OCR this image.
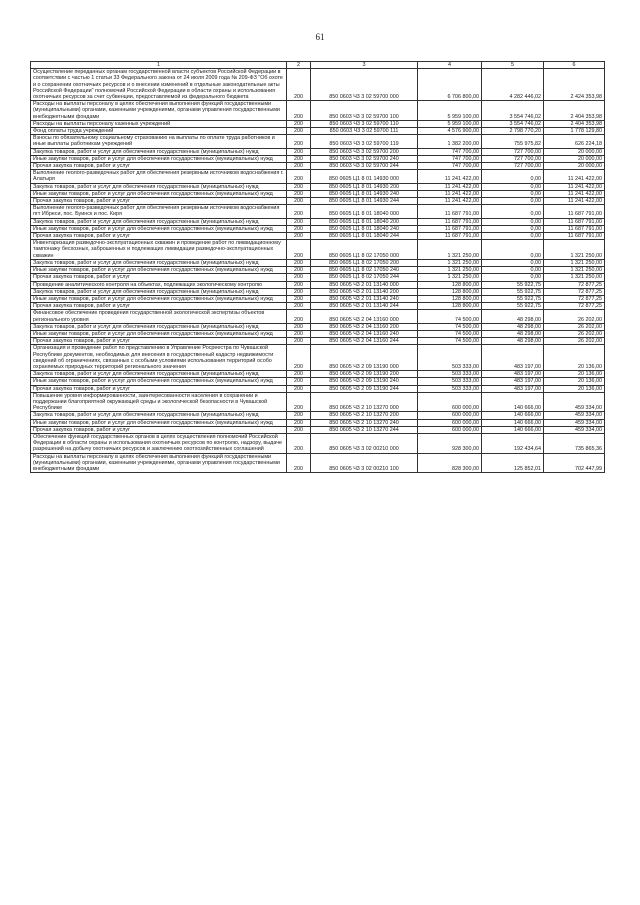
61
1	2	3	4	5	6
Осуществление переданных органам государственной власти субъектов Российской Федерации в соответствии с частью 1 статьи 33 Федерального закона от 24 июля 2009 года № 209-ФЗ "Об охоте и о сохранении охотничьих ресурсов и о внесении изменений в отдельные законодательные акты Российской Федерации" полномочий Российской Федерации в области охраны и использования охотничьих ресурсов за счет субвенции, предоставляемой из федерального бюджета	200	850 0603 Ч3 3 02 59700 000	6 706 800,00	4 282 446,02	2 424 353,98
Расходы на выплаты персоналу в целях обеспечения выполнения функций государственными (муниципальными) органами, казенными учреждениями, органами управления государственными внебюджетными фондами	200	850 0603 Ч3 3 02 59700 100	5 959 100,00	3 554 746,02	2 404 353,98
Расходы на выплаты персоналу казенных учреждений	200	850 0603 Ч3 3 02 59700 110	5 959 100,00	3 554 746,02	2 404 353,98
Фонд оплаты труда учреждений	200	850 0603 Ч3 3 02 59700 111	4 576 900,00	2 798 770,20	1 778 129,80
Взносы по обязательному социальному страхованию на выплаты по оплате труда работников и иные выплаты работникам учреждений	200	850 0603 Ч3 3 02 59700 119	1 382 200,00	755 975,82	626 224,18
Закупка товаров, работ и услуг для обеспечения государственных (муниципальных) нужд	200	850 0603 Ч3 3 02 59700 200	747 700,00	727 700,00	20 000,00
Иные закупки товаров, работ и услуг для обеспечения государственных (муниципальных) нужд	200	850 0603 Ч3 3 02 59700 240	747 700,00	727 700,00	20 000,00
Прочая закупка товаров, работ и услуг	200	850 0603 Ч3 3 02 59700 244	747 700,00	727 700,00	20 000,00
Выполнение геолого-разведочных работ для обеспечения резервным источником водоснабжения г. Алатыря	200	850 0605 Ц1 8 01 14930 000	11 241 422,00	0,00	11 241 422,00
Закупка товаров, работ и услуг для обеспечения государственных (муниципальных) нужд	200	850 0605 Ц1 8 01 14930 200	11 241 422,00	0,00	11 241 422,00
Иные закупки товаров, работ и услуг для обеспечения государственных (муниципальных) нужд	200	850 0605 Ц1 8 01 14930 240	11 241 422,00	0,00	11 241 422,00
Прочая закупка товаров, работ и услуг	200	850 0605 Ц1 8 01 14930 244	11 241 422,00	0,00	11 241 422,00
Выполнение геолого-разведочных работ для обеспечения резервным источником водоснабжения пгт Ибреси, пос. Буинск и пос. Киря	200	850 0605 Ц1 8 01 18040 000	11 687 791,00	0,00	11 687 791,00
Закупка товаров, работ и услуг для обеспечения государственных (муниципальных) нужд	200	850 0605 Ц1 8 01 18040 200	11 687 791,00	0,00	11 687 791,00
Иные закупки товаров, работ и услуг для обеспечения государственных (муниципальных) нужд	200	850 0605 Ц1 8 01 18040 240	11 687 791,00	0,00	11 687 791,00
Прочая закупка товаров, работ и услуг	200	850 0605 Ц1 8 01 18040 244	11 687 791,00	0,00	11 687 791,00
Инвентаризация разведочно-эксплуатационных скважин и проведение работ по ликвидационному тампонажу бесхозных, заброшенных и подлежащих ликвидации разведочно-эксплуатационных скважин	200	850 0605 Ц1 8 02 17050 000	1 321 250,00	0,00	1 321 250,00
Закупка товаров, работ и услуг для обеспечения государственных (муниципальных) нужд	200	850 0605 Ц1 8 02 17050 200	1 321 250,00	0,00	1 321 250,00
Иные закупки товаров, работ и услуг для обеспечения государственных (муниципальных) нужд	200	850 0605 Ц1 8 02 17050 240	1 321 250,00	0,00	1 321 250,00
Прочая закупка товаров, работ и услуг	200	850 0605 Ц1 8 02 17050 244	1 321 250,00	0,00	1 321 250,00
Проведение аналитического контроля на объектах, подлежащих экологическому контролю	200	850 0605 Ч3 2 01 13140 000	128 800,00	55 922,75	72 877,25
Закупка товаров, работ и услуг для обеспечения государственных (муниципальных) нужд	200	850 0605 Ч3 2 01 13140 200	128 800,00	55 922,75	72 877,25
Иные закупки товаров, работ и услуг для обеспечения государственных (муниципальных) нужд	200	850 0605 Ч3 2 01 13140 240	128 800,00	55 922,75	72 877,25
Прочая закупка товаров, работ и услуг	200	850 0605 Ч3 2 01 13140 244	128 800,00	55 922,75	72 877,25
Финансовое обеспечение проведения государственной экологической экспертизы объектов регионального уровня	200	850 0605 Ч3 2 04 13160 000	74 500,00	48 298,00	26 202,00
Закупка товаров, работ и услуг для обеспечения государственных (муниципальных) нужд	200	850 0605 Ч3 2 04 13160 200	74 500,00	48 298,00	26 202,00
Иные закупки товаров, работ и услуг для обеспечения государственных (муниципальных) нужд	200	850 0605 Ч3 2 04 13160 240	74 500,00	48 298,00	26 202,00
Прочая закупка товаров, работ и услуг	200	850 0605 Ч3 2 04 13160 244	74 500,00	48 298,00	26 202,00
Организация и проведение работ по представлению в Управление Росреестра по Чувашской Республике документов, необходимых для внесения в государственный кадастр недвижимости сведений об ограничениях, связанных с особыми условиями использования территорий особо охраняемых природных территорий регионального значения	200	850 0605 Ч3 2 09 13190 000	503 333,00	483 197,00	20 136,00
Закупка товаров, работ и услуг для обеспечения государственных (муниципальных) нужд	200	850 0605 Ч3 2 09 13190 200	503 333,00	483 197,00	20 136,00
Иные закупки товаров, работ и услуг для обеспечения государственных (муниципальных) нужд	200	850 0605 Ч3 2 09 13190 240	503 333,00	483 197,00	20 136,00
Прочая закупка товаров, работ и услуг	200	850 0605 Ч3 2 09 13190 244	503 333,00	483 197,00	20 136,00
Повышение уровня информированности, заинтересованности населения в сохранении и поддержании благоприятной окружающей среды и экологической безопасности в Чувашской Республике	200	850 0605 Ч3 2 10 13270 000	600 000,00	140 666,00	459 334,00
Закупка товаров, работ и услуг для обеспечения государственных (муниципальных) нужд	200	850 0605 Ч3 2 10 13270 200	600 000,00	140 666,00	459 334,00
Иные закупки товаров, работ и услуг для обеспечения государственных (муниципальных) нужд	200	850 0605 Ч3 2 10 13270 240	600 000,00	140 666,00	459 334,00
Прочая закупка товаров, работ и услуг	200	850 0605 Ч3 2 10 13270 244	600 000,00	140 666,00	459 334,00
Обеспечение функций государственных органов в целях осуществления полномочий Российской Федерации в области охраны и использования охотничьих ресурсов по контролю, надзору, выдаче разрешений на добычу охотничьих ресурсов и заключению охотхозяйственных соглашений	200	850 0605 Ч3 3 02 00210 000	928 300,00	192 434,64	735 865,36
Расходы на выплаты персоналу в целях обеспечения выполнения функций государственными (муниципальными) органами, казенными учреждениями, органами управления государственными внебюджетными фондами	200	850 0605 Ч3 3 02 00210 100	828 300,00	125 852,01	702 447,99
